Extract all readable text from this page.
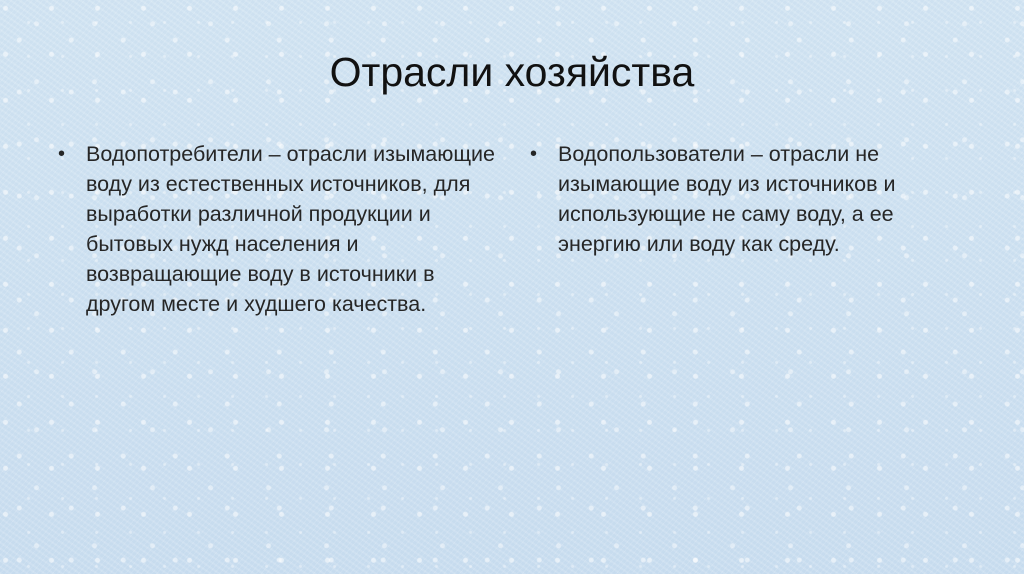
Отрасли хозяйства
• Водопотребители – отрасли изымающие воду из естественных источников, для выработки различной продукции и бытовых нужд населения и возвращающие воду в источники в другом месте и худшего качества.
• Водопользователи – отрасли не изымающие воду из источников и использующие не саму воду, а ее энергию или воду как среду.
